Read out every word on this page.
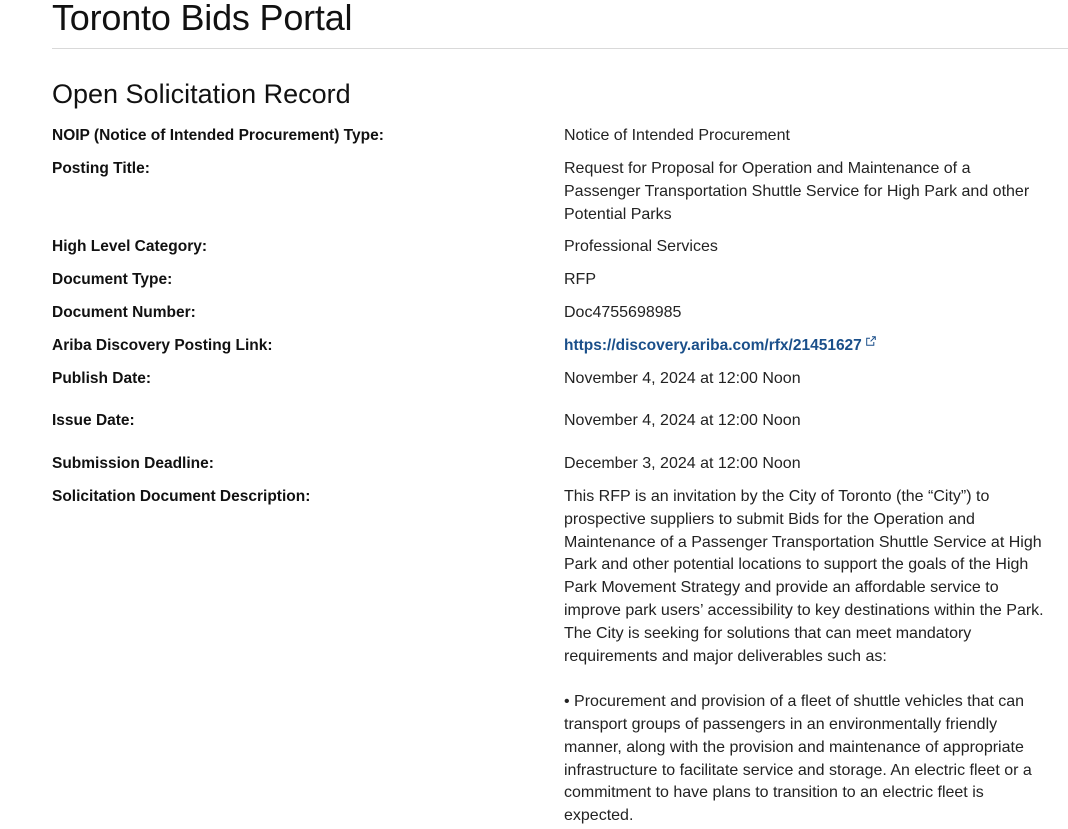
Toronto Bids Portal
Open Solicitation Record
NOIP (Notice of Intended Procurement) Type:	Notice of Intended Procurement
Posting Title:	Request for Proposal for Operation and Maintenance of a Passenger Transportation Shuttle Service for High Park and other Potential Parks
High Level Category:	Professional Services
Document Type:	RFP
Document Number:	Doc4755698985
Ariba Discovery Posting Link:	https://discovery.ariba.com/rfx/21451627
Publish Date:	November 4, 2024 at 12:00 Noon
Issue Date:	November 4, 2024 at 12:00 Noon
Submission Deadline:	December 3, 2024 at 12:00 Noon
Solicitation Document Description:	This RFP is an invitation by the City of Toronto (the “City”) to prospective suppliers to submit Bids for the Operation and Maintenance of a Passenger Transportation Shuttle Service at High Park and other potential locations to support the goals of the High Park Movement Strategy and provide an affordable service to improve park users’ accessibility to key destinations within the Park. The City is seeking for solutions that can meet mandatory requirements and major deliverables such as:

• Procurement and provision of a fleet of shuttle vehicles that can transport groups of passengers in an environmentally friendly manner, along with the provision and maintenance of appropriate infrastructure to facilitate service and storage. An electric fleet or a commitment to have plans to transition to an electric fleet is expected.
